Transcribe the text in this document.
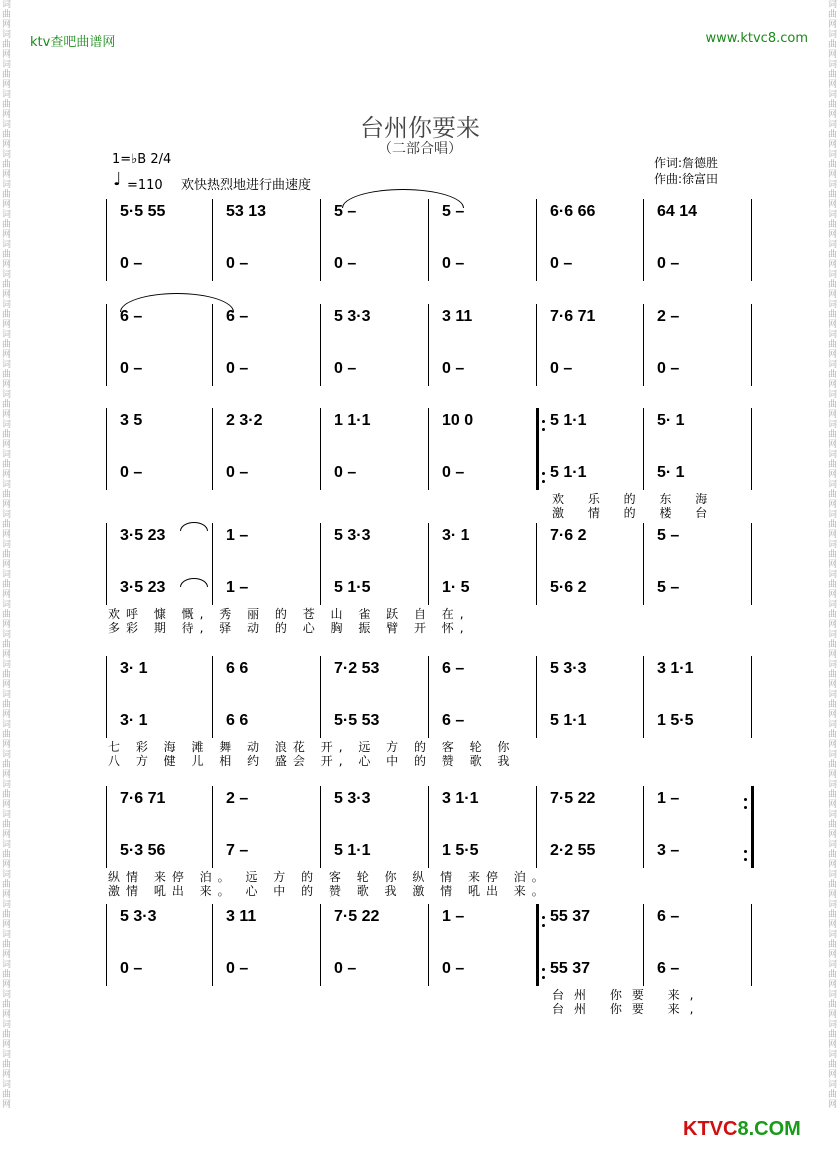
词曲网词曲网词曲网词曲网词曲网词曲网词曲网词曲网词曲网词曲网词曲网词曲网词曲网词曲网词曲网词曲网词曲网词曲网词曲网词曲网词曲网词曲网词曲网词曲网词曲网词曲网词曲网词曲网词曲网词曲网词曲网词曲网词曲网词曲网词曲网词曲网词曲网
词曲网词曲网词曲网词曲网词曲网词曲网词曲网词曲网词曲网词曲网词曲网词曲网词曲网词曲网词曲网词曲网词曲网词曲网词曲网词曲网词曲网词曲网词曲网词曲网词曲网词曲网词曲网词曲网词曲网词曲网词曲网词曲网词曲网词曲网词曲网词曲网词曲网
ktv查吧曲谱网	www.ktvc8.com
台州你要来
（二部合唱）
1=♭B 2/4
♩ =110 欢快热烈地进行曲速度
作词:詹德胜
作曲:徐富田
5·5 55	53 13	5 –	5 –	6·6 66	64 14
0 –	0 –	0 –	0 –	0 –	0 –
6 –	6 –	5 3·3	3 11	7·6 71	2 –
0 –	0 –	0 –	0 –	0 –	0 –
3 5	2 3·2	1 1·1	10 0	5 1·1	5· 1
0 –	0 –	0 –	0 –	5 1·1	5· 1
欢 乐 的 东 海
激 情 的 楼 台
3·5 23	1 –	5 3·3	3· 1	7·6 2	5 –
3·5 23	1 –	5 1·5	1· 5	5·6 2	5 –
欢呼 慷 慨, 秀 丽 的 苍 山 雀 跃 自 在,
多彩 期 待, 驿 动 的 心 胸 振 臂 开 怀,
3· 1	6 6	7·2 53	6 –	5 3·3	3 1·1
3· 1	6 6	5·5 53	6 –	5 1·1	1 5·5
七 彩 海 滩 舞 动 浪花 开, 远 方 的 客 轮 你
八 方 健 儿 相 约 盛会 开, 心 中 的 赞 歌 我
7·6 71	2 –	5 3·3	3 1·1	7·5 22	1 –
5·3 56	7 –	5 1·1	1 5·5	2·2 55	3 –
纵情 来停 泊。 远 方 的 客 轮 你 纵 情 来停 泊。
激情 吼出 来。 心 中 的 赞 歌 我 激 情 吼出 来。
5 3·3	3 11	7·5 22	1 –	55 37	6 –
0 –	0 –	0 –	0 –	55 37	6 –
台州 你要 来,
台州 你要 来,
KTVC8.COM
